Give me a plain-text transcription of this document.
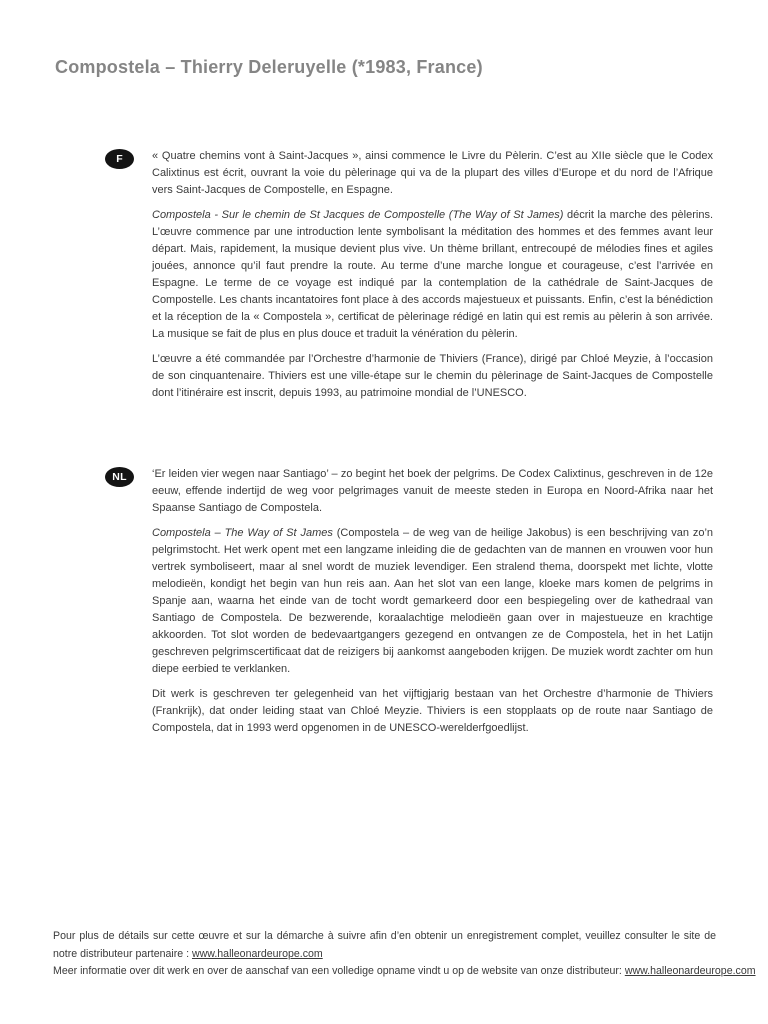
Compostela – Thierry Deleruyelle (*1983, France)
F	« Quatre chemins vont à Saint-Jacques », ainsi commence le Livre du Pèlerin. C’est au XIIe siècle que le Codex Calixtinus est écrit, ouvrant la voie du pèlerinage qui va de la plupart des villes d’Europe et du nord de l’Afrique vers Saint-Jacques de Compostelle, en Espagne.

Compostela - Sur le chemin de St Jacques de Compostelle (The Way of St James) décrit la marche des pèlerins. L’œuvre commence par une introduction lente symbolisant la méditation des hommes et des femmes avant leur départ. Mais, rapidement, la musique devient plus vive. Un thème brillant, entrecoupé de mélodies fines et agiles jouées, annonce qu’il faut prendre la route. Au terme d’une marche longue et courageuse, c’est l’arrivée en Espagne. Le terme de ce voyage est indiqué par la contemplation de la cathédrale de Saint-Jacques de Compostelle. Les chants incantatoires font place à des accords majestueux et puissants. Enfin, c’est la bénédiction et la réception de la « Compostela », certificat de pèlerinage rédigé en latin qui est remis au pèlerin à son arrivée. La musique se fait de plus en plus douce et traduit la vénération du pèlerin.

L’œuvre a été commandée par l’Orchestre d’harmonie de Thiviers (France), dirigé par Chloé Meyzie, à l’occasion de son cinquantenaire. Thiviers est une ville-étape sur le chemin du pèlerinage de Saint-Jacques de Compostelle dont l’itinéraire est inscrit, depuis 1993, au patrimoine mondial de l’UNESCO.

NL ‘Er leiden vier wegen naar Santiago’ – zo begint het boek der pelgrims. De Codex Calixtinus, geschreven in de 12e eeuw, effende indertijd de weg voor pelgrimages vanuit de meeste steden in Europa en Noord-Afrika naar het Spaanse Santiago de Compostela.

Compostela – The Way of St James (Compostela – de weg van de heilige Jakobus) is een beschrijving van zo’n pelgrimstocht. Het werk opent met een langzame inleiding die de gedachten van de mannen en vrouwen voor hun vertrek symboliseert, maar al snel wordt de muziek levendiger. Een stralend thema, doorspekt met lichte, vlotte melodieën, kondigt het begin van hun reis aan. Aan het slot van een lange, kloeke mars komen de pelgrims in Spanje aan, waarna het einde van de tocht wordt gemarkeerd door een bespiegeling over de kathedraal van Santiago de Compostela. De bezwerende, koraalachtige melodieën gaan over in majestueuze en krachtige akkoorden. Tot slot worden de bedevaartgangers gezegend en ontvangen ze de Compostela, het in het Latijn geschreven pelgrimscertificaat dat de reizigers bij aankomst aangeboden krijgen. De muziek wordt zachter om hun diepe eerbied te verklanken.

Dit werk is geschreven ter gelegenheid van het vijftigjarig bestaan van het Orchestre d’harmonie de Thiviers (Frankrijk), dat onder leiding staat van Chloé Meyzie. Thiviers is een stopplaats op de route naar Santiago de Compostela, dat in 1993 werd opgenomen in de UNESCO-werelderfgoedlijst.

Pour plus de détails sur cette œuvre et sur la démarche à suivre afin d’en obtenir un enregistrement complet, veuillez consulter le site de notre distributeur partenaire : www.halleonardeurope.com

Meer informatie over dit werk en over de aanschaf van een volledige opname vindt u op de website van onze distributeur: www.halleonardeurope.com
